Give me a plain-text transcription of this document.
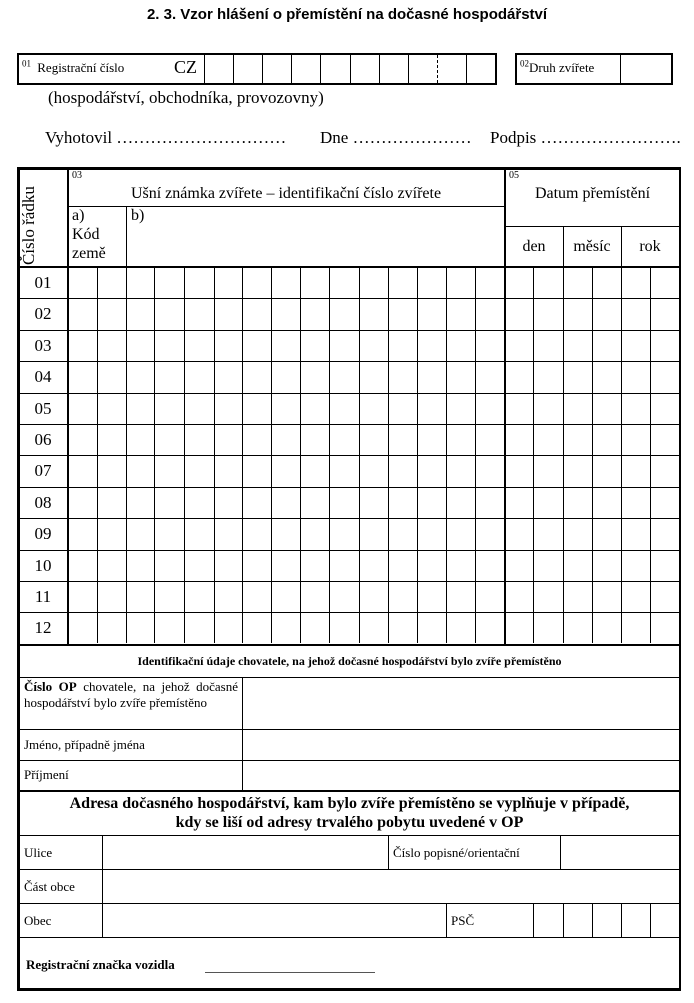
2. 3. Vzor hlášení o přemístění na dočasné hospodářství
$^{01}$ Registrační číslo	CZ
(hospodářství, obchodníka, provozovny)
$^{02}$Druh zvířete
Vyhotovil ………………………… Dne ………………… Podpis …………………….
Číslo řádku
03
Ušní známka zvířete – identifikační číslo zvířete
a)
Kód
země
b)
05
Datum přemístění
den	měsíc	rok
01
02
03
04
05
06
07
08
09
10
11
12
Identifikační údaje chovatele, na jehož dočasné hospodářství bylo zvíře přemístěno
Číslo OP chovatele, na jehož dočasné hospodářství bylo zvíře přemístěno
Jméno, případně jména
Příjmení
Adresa dočasného hospodářství, kam bylo zvíře přemístěno se vyplňuje v případě,
kdy se liší od adresy trvalého pobytu uvedené v OP
Ulice	Číslo popisné/orientační
Část obce
Obec	PSČ
Registrační značka vozidla
